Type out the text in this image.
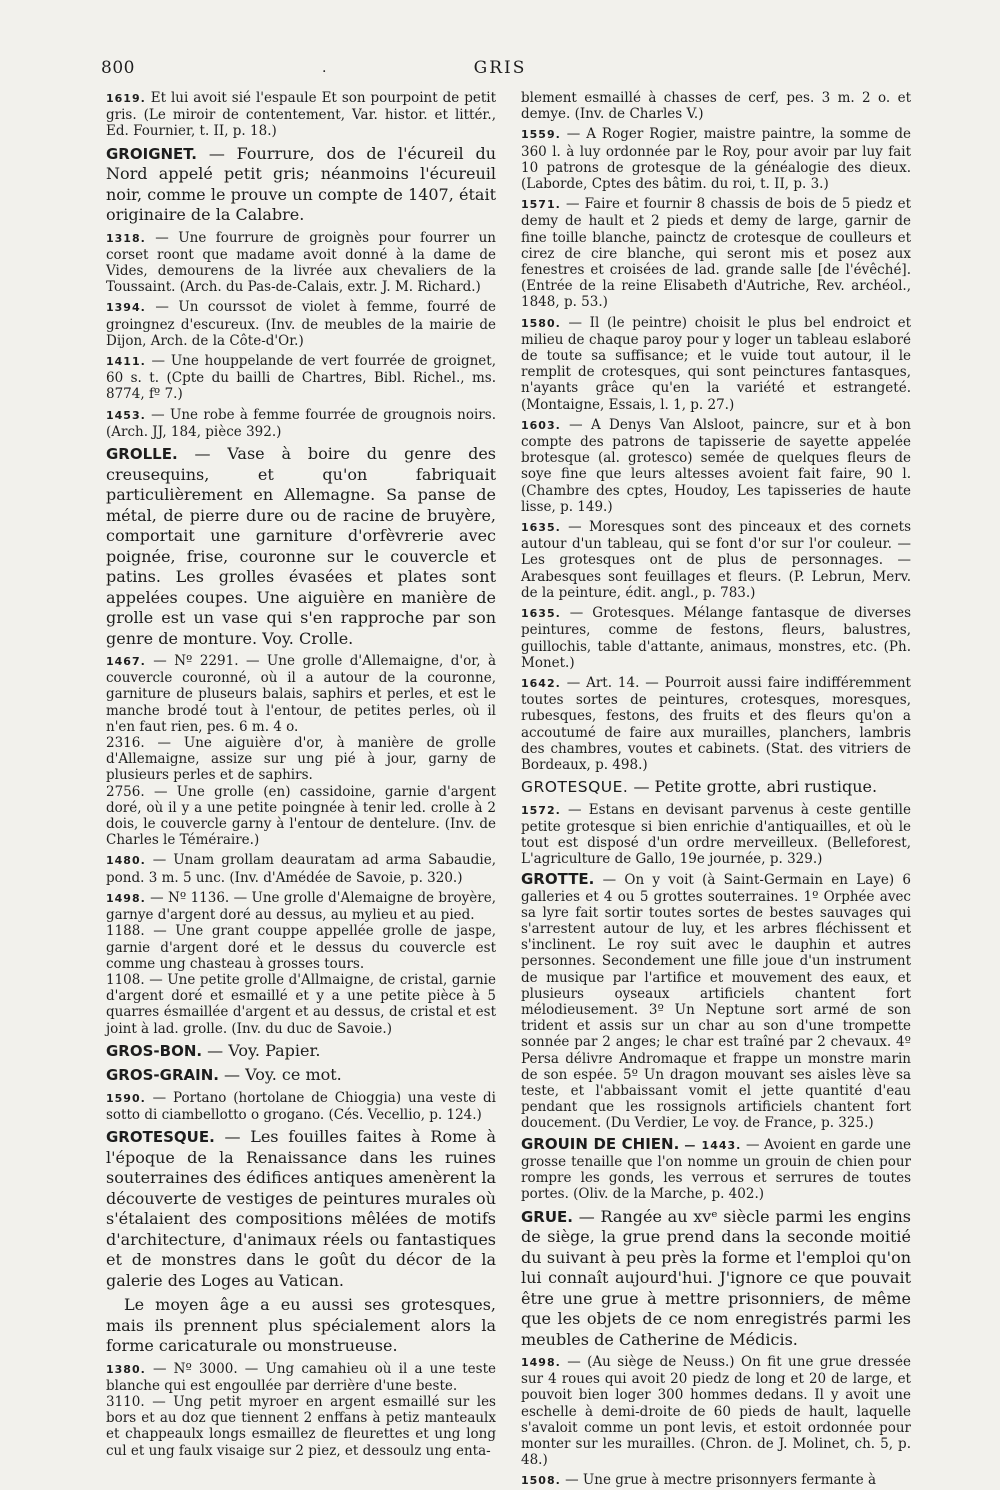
800	.	GRIS

1619. Et lui avoit sié l'espaule Et son pourpoint de petit gris. (Le miroir de contentement, Var. histor. et littér., Ed. Fournier, t. II, p. 18.)

GROIGNET. — Fourrure, dos de l'écureil du Nord appelé petit gris; néanmoins l'écureuil noir, comme le prouve un compte de 1407, était originaire de la Calabre.

1318. — Une fourrure de groignès pour fourrer un corset roont que madame avoit donné à la dame de Vides, demourens de la livrée aux chevaliers de la Toussaint. (Arch. du Pas-de-Calais, extr. J. M. Richard.)

1394. — Un courssot de violet à femme, fourré de groingnez d'escureux. (Inv. de meubles de la mairie de Dijon, Arch. de la Côte-d'Or.)

1411. — Une houppelande de vert fourrée de groignet, 60 s. t. (Cpte du bailli de Chartres, Bibl. Richel., ms. 8774, fº 7.)

1453. — Une robe à femme fourrée de grougnois noirs. (Arch. JJ, 184, pièce 392.)

GROLLE. — Vase à boire du genre des creusequins, et qu'on fabriquait particulièrement en Allemagne. Sa panse de métal, de pierre dure ou de racine de bruyère, comportait une garniture d'orfèvrerie avec poignée, frise, couronne sur le couvercle et patins. Les grolles évasées et plates sont appelées coupes. Une aiguière en manière de grolle est un vase qui s'en rapproche par son genre de monture. Voy. Crolle.

1467. — Nº 2291. — Une grolle d'Allemaigne, d'or, à couvercle couronné, où il a autour de la couronne, garniture de pluseurs balais, saphirs et perles, et est le manche brodé tout à l'entour, de petites perles, où il n'en faut rien, pes. 6 m. 4 o.

2316. — Une aiguière d'or, à manière de grolle d'Allemaigne, assize sur ung pié à jour, garny de plusieurs perles et de saphirs.

2756. — Une grolle (en) cassidoine, garnie d'argent doré, où il y a une petite poingnée à tenir led. crolle à 2 dois, le couvercle garny à l'entour de dentelure. (Inv. de Charles le Téméraire.)

1480. — Unam grollam deauratam ad arma Sabaudie, pond. 3 m. 5 unc. (Inv. d'Amédée de Savoie, p. 320.)

1498. — Nº 1136. — Une grolle d'Alemaigne de broyère, garnye d'argent doré au dessus, au mylieu et au pied.

1188. — Une grant couppe appellée grolle de jaspe, garnie d'argent doré et le dessus du couvercle est comme ung chasteau à grosses tours.

1108. — Une petite grolle d'Allmaigne, de cristal, garnie d'argent doré et esmaillé et y a une petite pièce à 5 quarres ésmaillée d'argent et au dessus, de cristal et est joint à lad. grolle. (Inv. du duc de Savoie.)

GROS-BON. — Voy. Papier.

GROS-GRAIN. — Voy. ce mot.

1590. — Portano (hortolane de Chioggia) una veste di sotto di ciambellotto o grogano. (Cés. Vecellio, p. 124.)

GROTESQUE. — Les fouilles faites à Rome à l'époque de la Renaissance dans les ruines souterraines des édifices antiques amenèrent la découverte de vestiges de peintures murales où s'étalaient des compositions mêlées de motifs d'architecture, d'animaux réels ou fantastiques et de monstres dans le goût du décor de la galerie des Loges au Vatican.

Le moyen âge a eu aussi ses grotesques, mais ils prennent plus spécialement alors la forme caricaturale ou monstrueuse.

1380. — Nº 3000. — Ung camahieu où il a une teste blanche qui est engoullée par derrière d'une beste.

3110. — Ung petit myroer en argent esmaillé sur les bors et au doz que tiennent 2 enffans à petiz manteaulx et chappeaulx longs esmaillez de fleurettes et ung long cul et ung faulx visaige sur 2 piez, et dessoulz ung enta-

blement esmaillé à chasses de cerf, pes. 3 m. 2 o. et demye. (Inv. de Charles V.)

1559. — A Roger Rogier, maistre paintre, la somme de 360 l. à luy ordonnée par le Roy, pour avoir par luy fait 10 patrons de grotesque de la généalogie des dieux. (Laborde, Cptes des bâtim. du roi, t. II, p. 3.)

1571. — Faire et fournir 8 chassis de bois de 5 piedz et demy de hault et 2 pieds et demy de large, garnir de fine toille blanche, painctz de crotesque de coulleurs et cirez de cire blanche, qui seront mis et posez aux fenestres et croisées de lad. grande salle [de l'évêché]. (Entrée de la reine Elisabeth d'Autriche, Rev. archéol., 1848, p. 53.)

1580. — Il (le peintre) choisit le plus bel endroict et milieu de chaque paroy pour y loger un tableau eslaboré de toute sa suffisance; et le vuide tout autour, il le remplit de crotesques, qui sont peinctures fantasques, n'ayants grâce qu'en la variété et estrangeté. (Montaigne, Essais, l. 1, p. 27.)

1603. — A Denys Van Alsloot, paincre, sur et à bon compte des patrons de tapisserie de sayette appelée brotesque (al. grotesco) semée de quelques fleurs de soye fine que leurs altesses avoient fait faire, 90 l. (Chambre des cptes, Houdoy, Les tapisseries de haute lisse, p. 149.)

1635. — Moresques sont des pinceaux et des cornets autour d'un tableau, qui se font d'or sur l'or couleur. — Les grotesques ont de plus de personnages. — Arabesques sont feuillages et fleurs. (P. Lebrun, Merv. de la peinture, édit. angl., p. 783.)

1635. — Grotesques. Mélange fantasque de diverses peintures, comme de festons, fleurs, balustres, guillochis, table d'attante, animaus, monstres, etc. (Ph. Monet.)

1642. — Art. 14. — Pourroit aussi faire indifféremment toutes sortes de peintures, crotesques, moresques, rubesques, festons, des fruits et des fleurs qu'on a accoutumé de faire aux murailles, planchers, lambris des chambres, voutes et cabinets. (Stat. des vitriers de Bordeaux, p. 498.)

GROTESQUE. — Petite grotte, abri rustique.

1572. — Estans en devisant parvenus à ceste gentille petite grotesque si bien enrichie d'antiquailles, et où le tout est disposé d'un ordre merveilleux. (Belleforest, L'agriculture de Gallo, 19e journée, p. 329.)

GROTTE. — On y voit (à Saint-Germain en Laye) 6 galleries et 4 ou 5 grottes souterraines. 1º Orphée avec sa lyre fait sortir toutes sortes de bestes sauvages qui s'arrestent autour de luy, et les arbres fléchissent et s'inclinent. Le roy suit avec le dauphin et autres personnes. Secondement une fille joue d'un instrument de musique par l'artifice et mouvement des eaux, et plusieurs oyseaux artificiels chantent fort mélodieusement. 3º Un Neptune sort armé de son trident et assis sur un char au son d'une trompette sonnée par 2 anges; le char est traîné par 2 chevaux. 4º Persa délivre Andromaque et frappe un monstre marin de son espée. 5º Un dragon mouvant ses aisles lève sa teste, et l'abbaissant vomit el jette quantité d'eau pendant que les rossignols artificiels chantent fort doucement. (Du Verdier, Le voy. de France, p. 325.)

GROUIN DE CHIEN. — 1443. — Avoient en garde une grosse tenaille que l'on nomme un grouin de chien pour rompre les gonds, les verrous et serrures de toutes portes. (Oliv. de la Marche, p. 402.)

GRUE. — Rangée au xvᵉ siècle parmi les engins de siège, la grue prend dans la seconde moitié du suivant à peu près la forme et l'emploi qu'on lui connaît aujourd'hui. J'ignore ce que pouvait être une grue à mettre prisonniers, de même que les objets de ce nom enregistrés parmi les meubles de Catherine de Médicis.

1498. — (Au siège de Neuss.) On fit une grue dressée sur 4 roues qui avoit 20 piedz de long et 20 de large, et pouvoit bien loger 300 hommes dedans. Il y avoit une eschelle à demi-droite de 60 pieds de hault, laquelle s'avaloit comme un pont levis, et estoit ordonnée pour monter sur les murailles. (Chron. de J. Molinet, ch. 5, p. 48.)

1508. — Une grue à mectre prisonnyers fermante à
